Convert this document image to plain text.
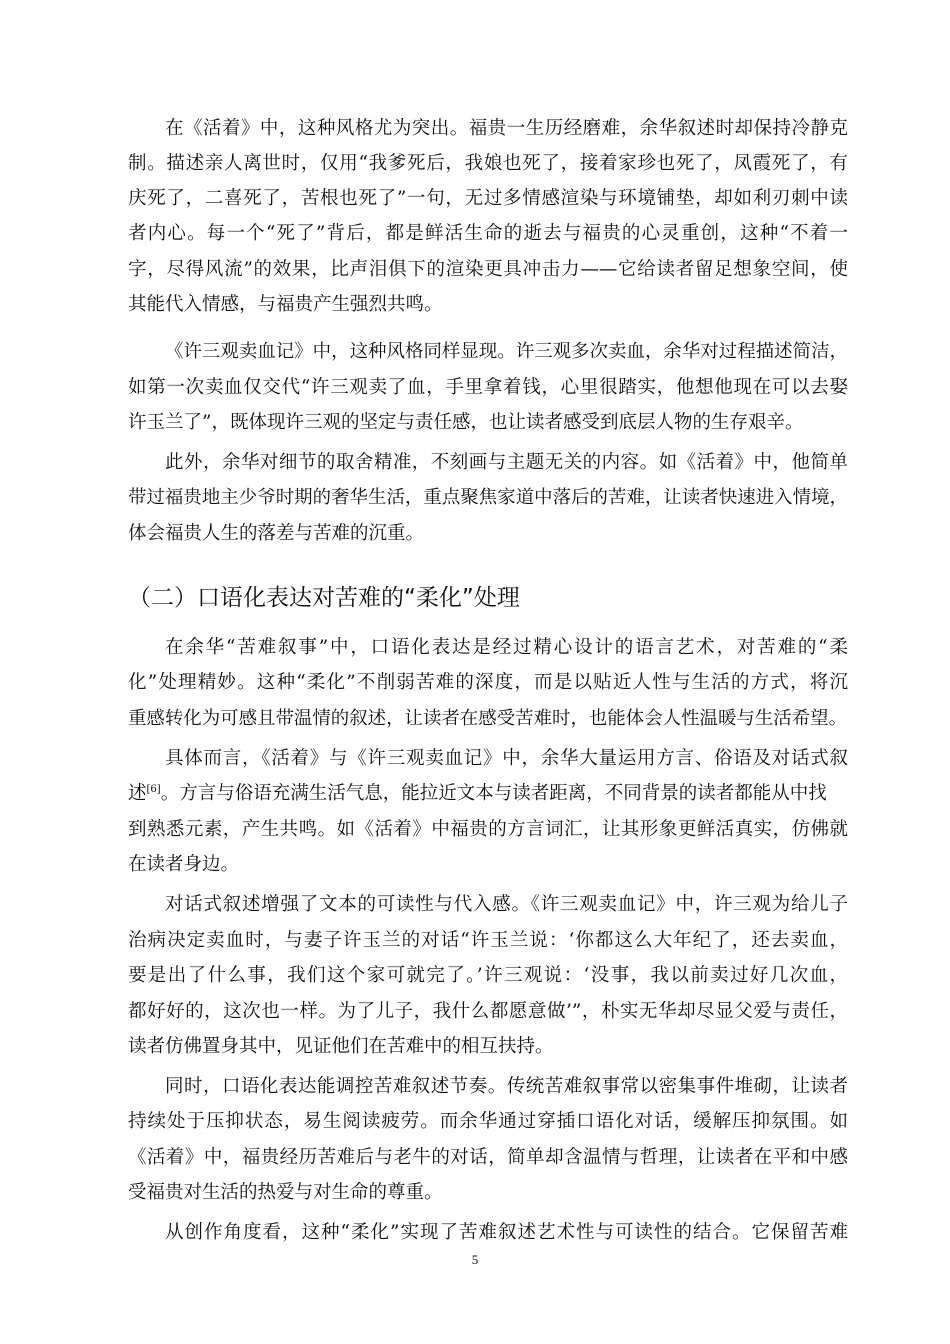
在《活着》中，这种风格尤为突出。福贵一生历经磨难，余华叙述时却保持冷静克
制。描述亲人离世时，仅用“我爹死后，我娘也死了，接着家珍也死了，凤霞死了，有
庆死了，二喜死了，苦根也死了”一句，无过多情感渲染与环境铺垫，却如利刃刺中读
者内心。每一个“死了”背后，都是鲜活生命的逝去与福贵的心灵重创，这种“不着一
字，尽得风流”的效果，比声泪俱下的渲染更具冲击力——它给读者留足想象空间，使
其能代入情感，与福贵产生强烈共鸣。
《许三观卖血记》中，这种风格同样显现。许三观多次卖血，余华对过程描述简洁，
如第一次卖血仅交代“许三观卖了血，手里拿着钱，心里很踏实，他想他现在可以去娶
许玉兰了”，既体现许三观的坚定与责任感，也让读者感受到底层人物的生存艰辛。
此外，余华对细节的取舍精准，不刻画与主题无关的内容。如《活着》中，他简单
带过福贵地主少爷时期的奢华生活，重点聚焦家道中落后的苦难，让读者快速进入情境，
体会福贵人生的落差与苦难的沉重。
（二）口语化表达对苦难的“柔化”处理
在余华“苦难叙事”中，口语化表达是经过精心设计的语言艺术，对苦难的“柔
化”处理精妙。这种“柔化”不削弱苦难的深度，而是以贴近人性与生活的方式，将沉
重感转化为可感且带温情的叙述，让读者在感受苦难时，也能体会人性温暖与生活希望。
具体而言，《活着》与《许三观卖血记》中，余华大量运用方言、俗语及对话式叙
述[6]。方言与俗语充满生活气息，能拉近文本与读者距离，不同背景的读者都能从中找
到熟悉元素，产生共鸣。如《活着》中福贵的方言词汇，让其形象更鲜活真实，仿佛就
在读者身边。
对话式叙述增强了文本的可读性与代入感。《许三观卖血记》中，许三观为给儿子
治病决定卖血时，与妻子许玉兰的对话“许玉兰说：‘你都这么大年纪了，还去卖血，
要是出了什么事，我们这个家可就完了。’许三观说：‘没事，我以前卖过好几次血，
都好好的，这次也一样。为了儿子，我什么都愿意做’”，朴实无华却尽显父爱与责任，
读者仿佛置身其中，见证他们在苦难中的相互扶持。
同时，口语化表达能调控苦难叙述节奏。传统苦难叙事常以密集事件堆砌，让读者
持续处于压抑状态，易生阅读疲劳。而余华通过穿插口语化对话，缓解压抑氛围。如
《活着》中，福贵经历苦难后与老牛的对话，简单却含温情与哲理，让读者在平和中感
受福贵对生活的热爱与对生命的尊重。
从创作角度看，这种“柔化”实现了苦难叙述艺术性与可读性的结合。它保留苦难
5
